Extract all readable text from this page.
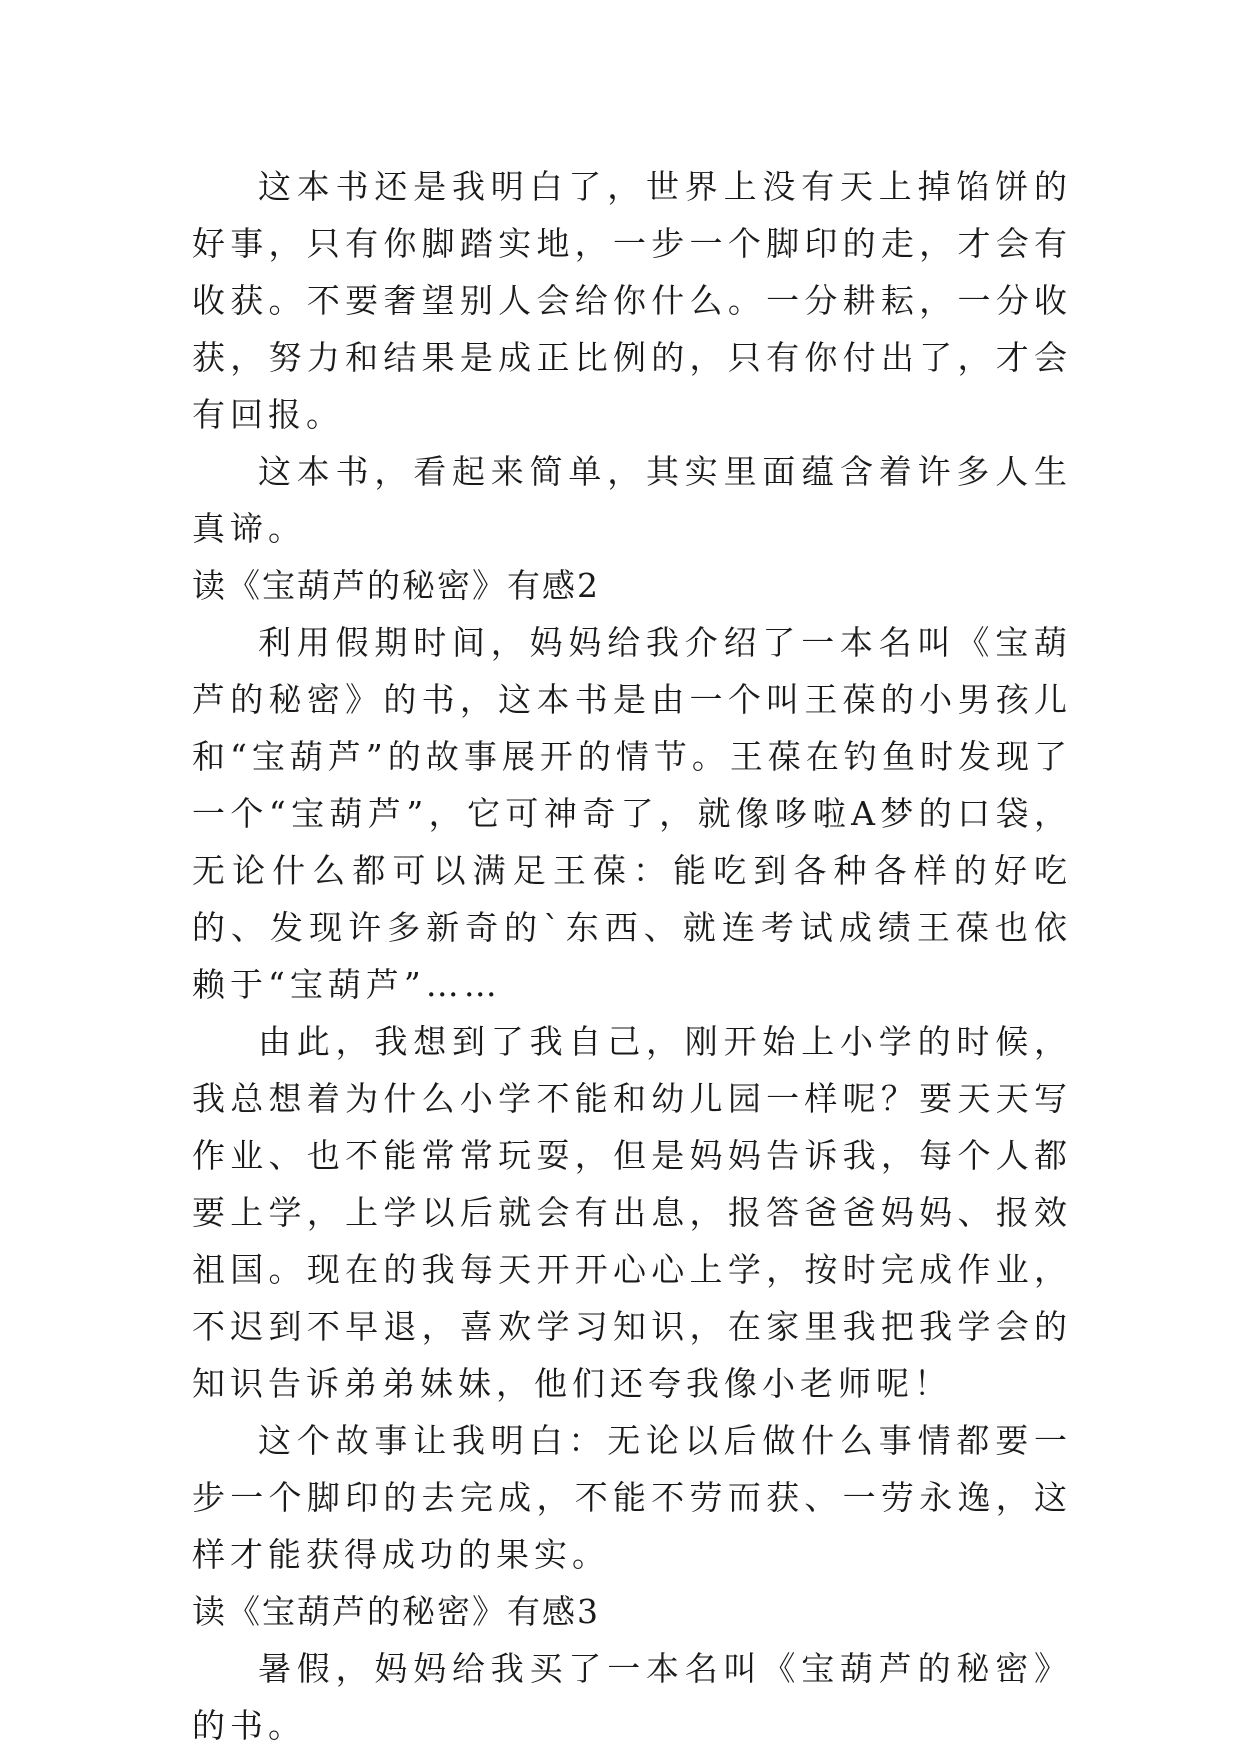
这本书还是我明白了，世界上没有天上掉馅饼的好事，只有你脚踏实地，一步一个脚印的走，才会有收获。不要奢望别人会给你什么。一分耕耘，一分收获，努力和结果是成正比例的，只有你付出了，才会有回报。

这本书，看起来简单，其实里面蕴含着许多人生真谛。

读《宝葫芦的秘密》有感2

利用假期时间，妈妈给我介绍了一本名叫《宝葫芦的秘密》的书，这本书是由一个叫王葆的小男孩儿和“宝葫芦”的故事展开的情节。王葆在钓鱼时发现了一个“宝葫芦”，它可神奇了，就像哆啦A梦的口袋，无论什么都可以满足王葆：能吃到各种各样的好吃的、发现许多新奇的`东西、就连考试成绩王葆也依赖于“宝葫芦”……

由此，我想到了我自己，刚开始上小学的时候，我总想着为什么小学不能和幼儿园一样呢？要天天写作业、也不能常常玩耍，但是妈妈告诉我，每个人都要上学，上学以后就会有出息，报答爸爸妈妈、报效祖国。现在的我每天开开心心上学，按时完成作业，不迟到不早退，喜欢学习知识，在家里我把我学会的知识告诉弟弟妹妹，他们还夸我像小老师呢！

这个故事让我明白：无论以后做什么事情都要一步一个脚印的去完成，不能不劳而获、一劳永逸，这样才能获得成功的果实。

读《宝葫芦的秘密》有感3

暑假，妈妈给我买了一本名叫《宝葫芦的秘密》的书。
